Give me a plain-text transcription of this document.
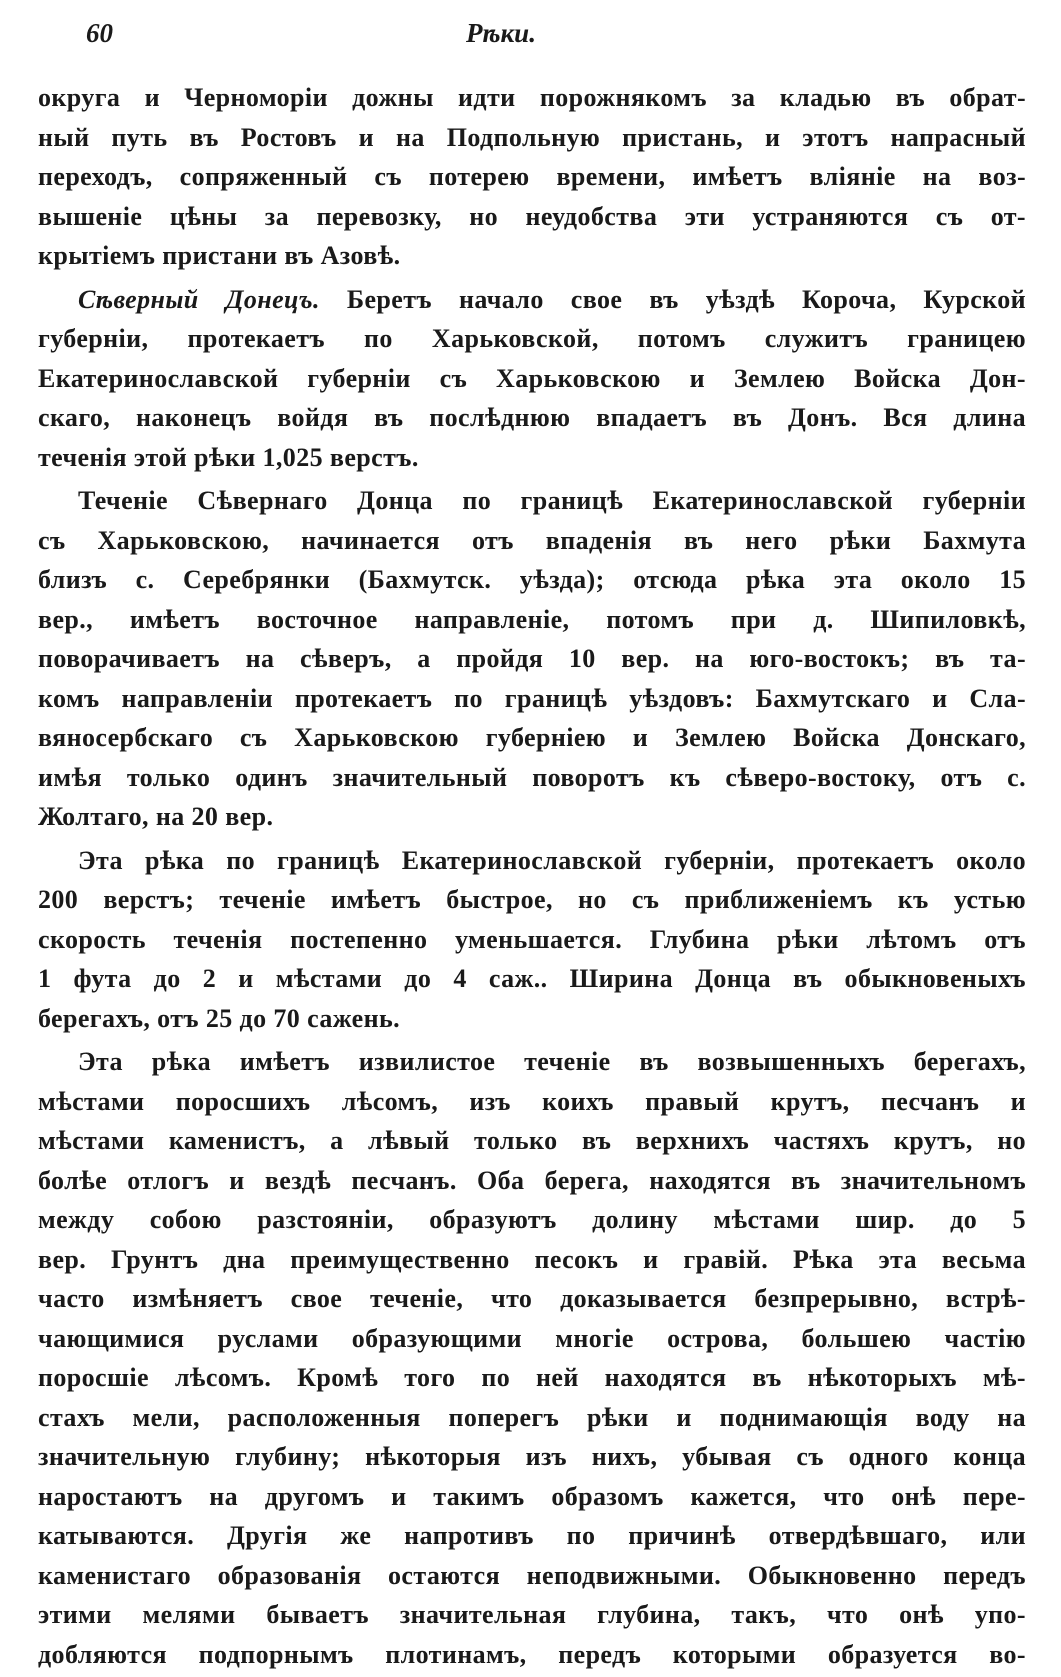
60	Рѣки.
округа и Черноморіи дожны идти порожнякомъ за кладью въ обрат-
ный путь въ Ростовъ и на Подпольную пристань, и этотъ напрасный
переходъ, сопряженный съ потерею времени, имѣетъ вліяніе на воз-
вышеніе цѣны за перевозку, но неудобства эти устраняются съ от-
крытіемъ пристани въ Азовѣ.
Сѣверный Донецъ. Беретъ начало свое въ уѣздѣ Короча, Курской
губерніи, протекаетъ по Харьковской, потомъ служитъ границею
Екатеринославской губерніи съ Харьковскою и Землею Войска Дон-
скаго, наконецъ войдя въ послѣднюю впадаетъ въ Донъ. Вся длина
теченія этой рѣки 1,025 верстъ.
Теченіе Сѣвернаго Донца по границѣ Екатеринославской губерніи
съ Харьковскою, начинается отъ впаденія въ него рѣки Бахмута
близъ с. Серебрянки (Бахмутск. уѣзда); отсюда рѣка эта около 15
вер., имѣетъ восточное направленіе, потомъ при д. Шипиловкѣ,
поворачиваетъ на сѣверъ, а пройдя 10 вер. на юго-востокъ; въ та-
комъ направленіи протекаетъ по границѣ уѣздовъ: Бахмутскаго и Сла-
вяносербскаго съ Харьковскою губерніею и Землею Войска Донскаго,
имѣя только одинъ значительный поворотъ къ сѣверо-востоку, отъ с.
Жолтаго, на 20 вер.
Эта рѣка по границѣ Екатеринославской губерніи, протекаетъ около
200 верстъ; теченіе имѣетъ быстрое, но съ приближеніемъ къ устью
скорость теченія постепенно уменьшается. Глубина рѣки лѣтомъ отъ
1 фута до 2 и мѣстами до 4 саж.. Ширина Донца въ обыкновеныхъ
берегахъ, отъ 25 до 70 сажень.
Эта рѣка имѣетъ извилистое теченіе въ возвышенныхъ берегахъ,
мѣстами поросшихъ лѣсомъ, изъ коихъ правый крутъ, песчанъ и
мѣстами каменистъ, а лѣвый только въ верхнихъ частяхъ крутъ, но
болѣе отлогъ и вездѣ песчанъ. Оба берега, находятся въ значительномъ
между собою разстояніи, образуютъ долину мѣстами шир. до 5
вер. Грунтъ дна преимущественно песокъ и гравій. Рѣка эта весьма
часто измѣняетъ свое теченіе, что доказывается безпрерывно, встрѣ-
чающимися руслами образующими многіе острова, большею частію
поросшіе лѣсомъ. Кромѣ того по ней находятся въ нѣкоторыхъ мѣ-
стахъ мели, расположенныя поперегъ рѣки и поднимающія воду на
значительную глубину; нѣкоторыя изъ нихъ, убывая съ одного конца
наростаютъ на другомъ и такимъ образомъ кажется, что онѣ пере-
катываются. Другія же напротивъ по причинѣ отвердѣвшаго, или
каменистаго образованія остаются неподвижными. Обыкновенно передъ
этими мелями бываетъ значительная глубина, такъ, что онѣ упо-
добляются подпорнымъ плотинамъ, передъ которыми образуется во-
